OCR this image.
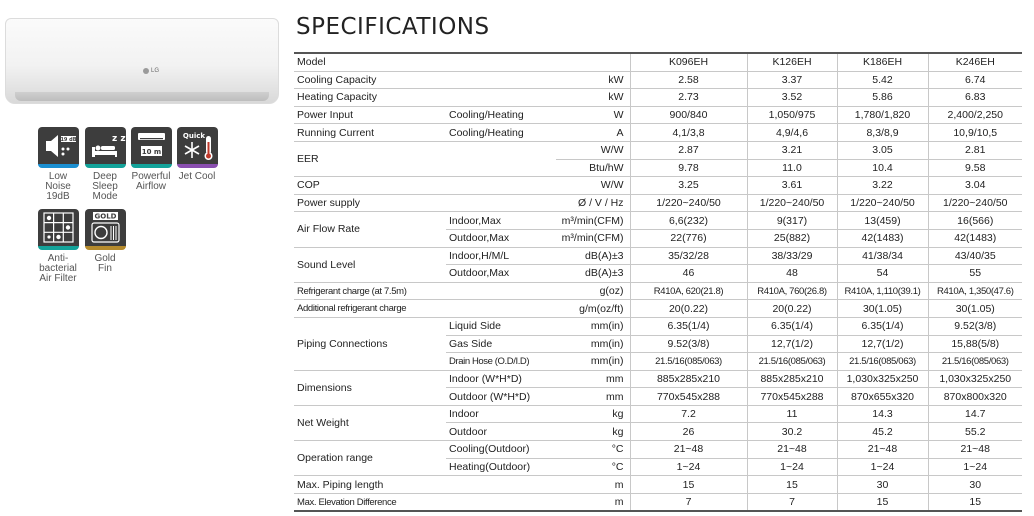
LG
19 dB
Low
Noise
19dB
z z
Deep
Sleep
Mode
10 m
Powerful
Airflow
Quick
Jet Cool
Anti-
bacterial
Air Filter
GOLD
Gold
Fin
SPECIFICATIONS
Model			K096EH	K126EH	K186EH	K246EH
Cooling Capacity		kW	2.58	3.37	5.42	6.74
Heating Capacity		kW	2.73	3.52	5.86	6.83
Power Input	Cooling/Heating	W	900/840	1,050/975	1,780/1,820	2,400/2,250
Running Current	Cooling/Heating	A	4,1/3,8	4,9/4,6	8,3/8,9	10,9/10,5
EER		W/W	2.87	3.21	3.05	2.81
		Btu/hW	9.78	11.0	10.4	9.58
COP		W/W	3.25	3.61	3.22	3.04
Power supply		Ø / V / Hz	1/220~240/50	1/220~240/50	1/220~240/50	1/220~240/50
Air Flow Rate	Indoor,Max	m³/min(CFM)	6,6(232)	9(317)	13(459)	16(566)
	Outdoor,Max	m³/min(CFM)	22(776)	25(882)	42(1483)	42(1483)
Sound Level	Indoor,H/M/L	dB(A)±3	35/32/28	38/33/29	41/38/34	43/40/35
	Outdoor,Max	dB(A)±3	46	48	54	55
Refrigerant charge (at 7.5m)		g(oz)	R410A, 620(21.8)	R410A, 760(26.8)	R410A, 1,110(39.1)	R410A, 1,350(47.6)
Additional refrigerant charge		g/m(oz/ft)	20(0.22)	20(0.22)	30(1.05)	30(1.05)
Piping Connections	Liquid Side	mm(in)	6.35(1/4)	6.35(1/4)	6.35(1/4)	9.52(3/8)
	Gas Side	mm(in)	9.52(3/8)	12,7(1/2)	12,7(1/2)	15,88(5/8)
	Drain Hose (O.D/I.D)	mm(in)	21.5/16(085/063)	21.5/16(085/063)	21.5/16(085/063)	21.5/16(085/063)
Dimensions	Indoor (W*H*D)	mm	885x285x210	885x285x210	1,030x325x250	1,030x325x250
	Outdoor (W*H*D)	mm	770x545x288	770x545x288	870x655x320	870x800x320
Net Weight	Indoor	kg	7.2	11	14.3	14.7
	Outdoor	kg	26	30.2	45.2	55.2
Operation range	Cooling(Outdoor)	°C	21~48	21~48	21~48	21~48
	Heating(Outdoor)	°C	1~24	1~24	1~24	1~24
Max. Piping length		m	15	15	30	30
Max. Elevation Difference		m	7	7	15	15
